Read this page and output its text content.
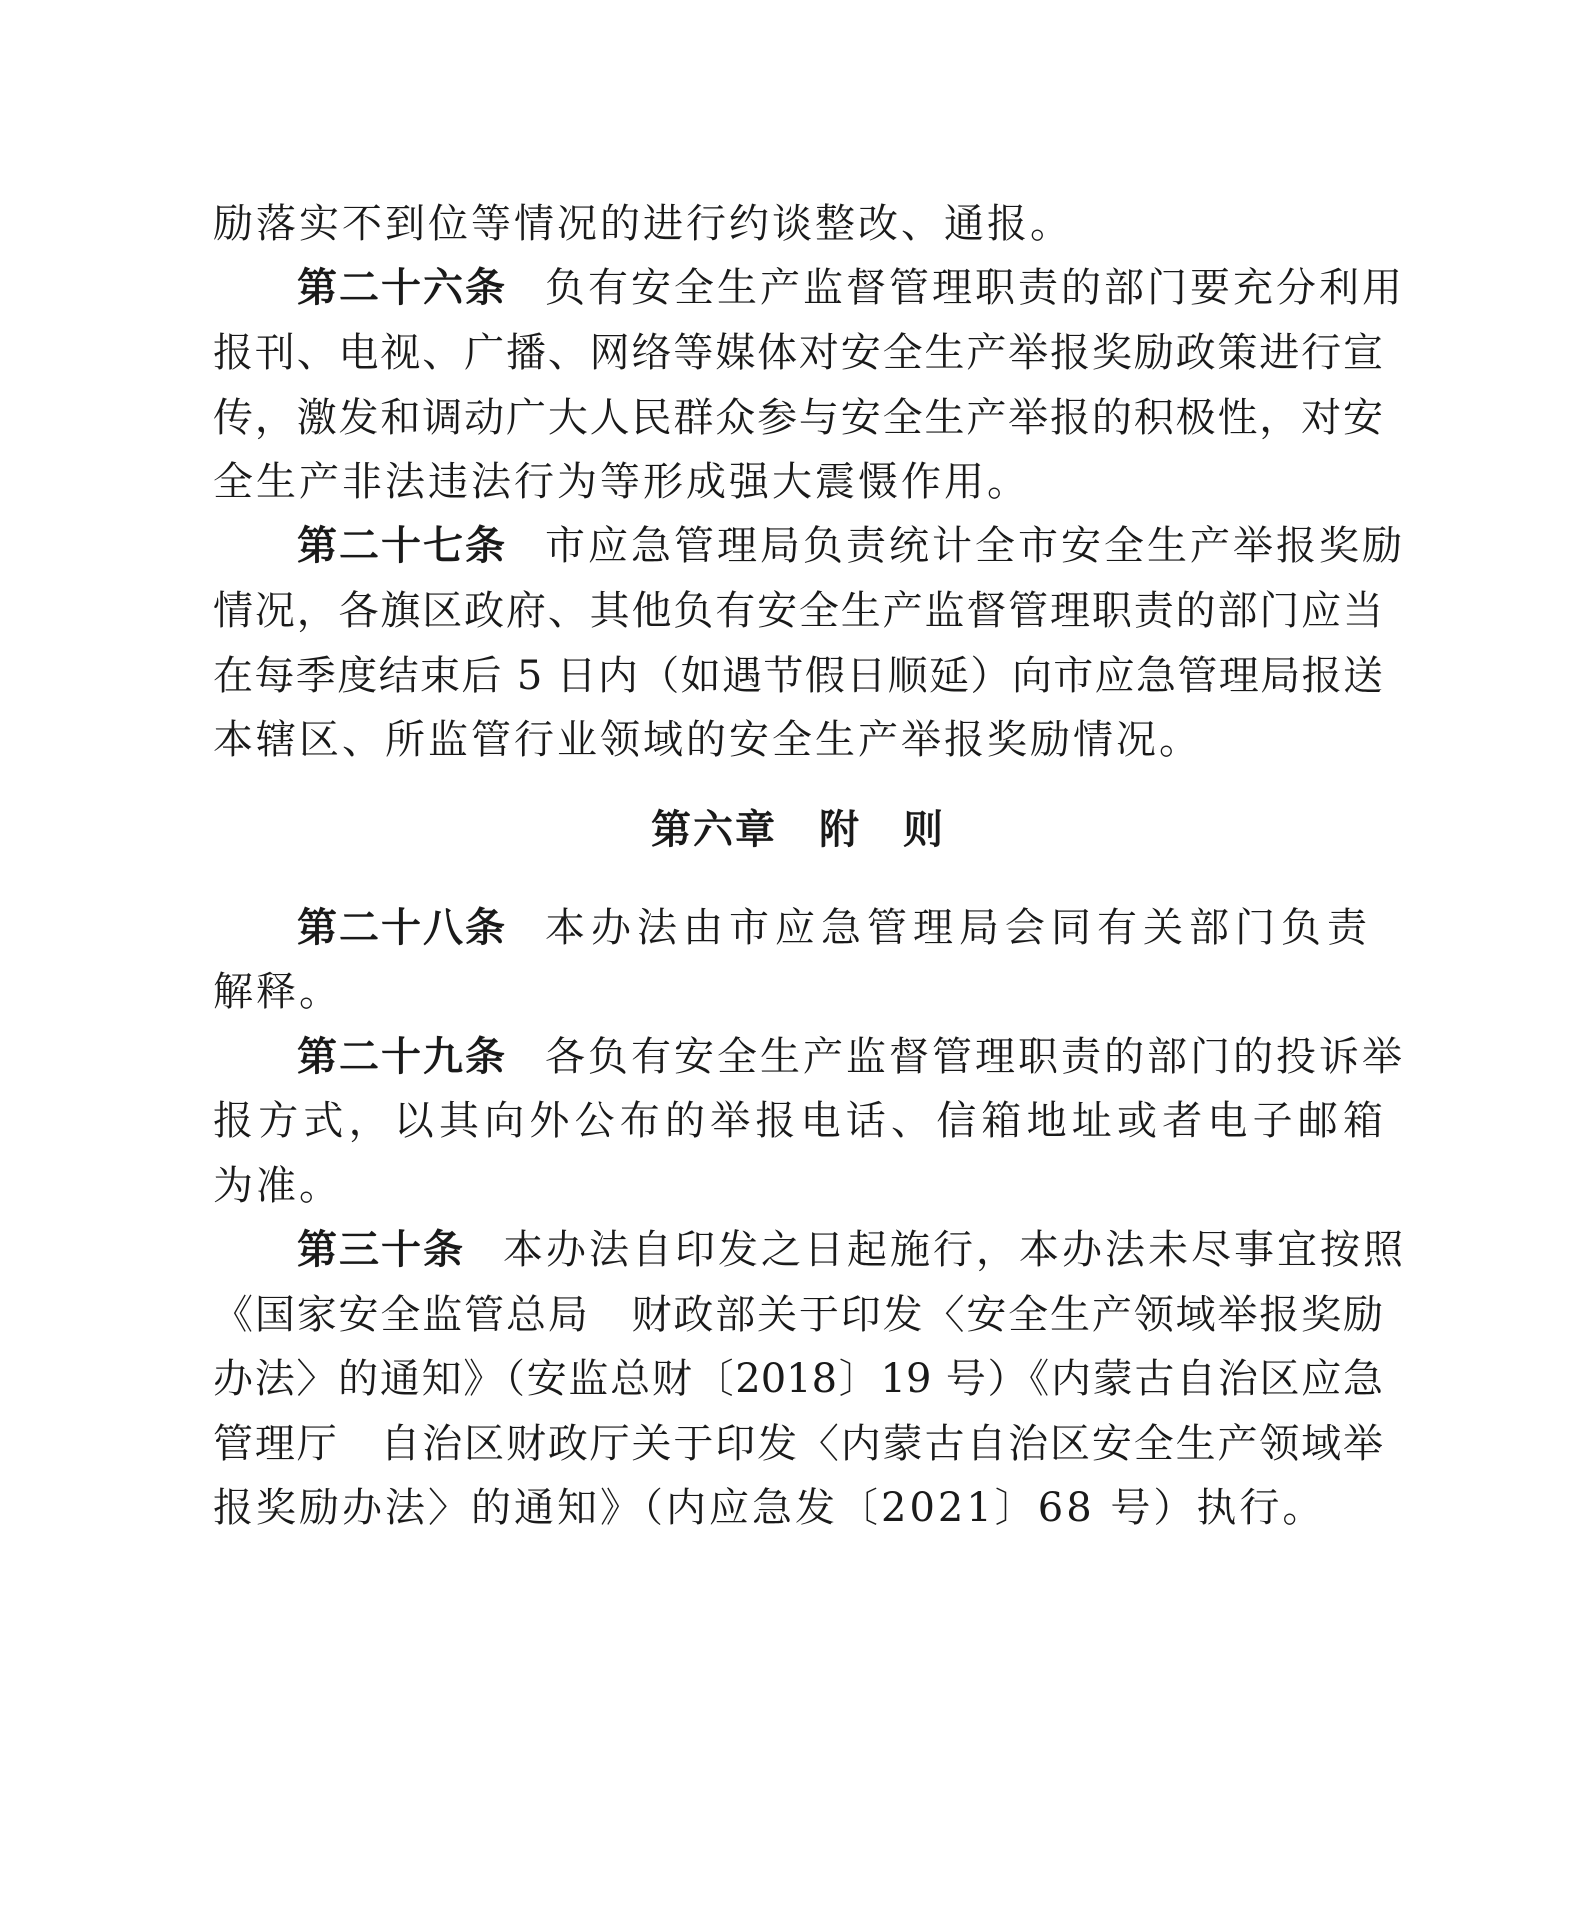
励落实不到位等情况的进行约谈整改、通报。
第二十六条 负有安全生产监督管理职责的部门要充分利用
报刊、电视、广播、网络等媒体对安全生产举报奖励政策进行宣
传，激发和调动广大人民群众参与安全生产举报的积极性，对安
全生产非法违法行为等形成强大震慑作用。
第二十七条 市应急管理局负责统计全市安全生产举报奖励
情况，各旗区政府、其他负有安全生产监督管理职责的部门应当
在每季度结束后 5 日内（如遇节假日顺延）向市应急管理局报送
本辖区、所监管行业领域的安全生产举报奖励情况。
第六章　附　则
第二十八条 本办法由市应急管理局会同有关部门负责
解释。
第二十九条 各负有安全生产监督管理职责的部门的投诉举
报方式，以其向外公布的举报电话、信箱地址或者电子邮箱
为准。
第三十条 本办法自印发之日起施行，本办法未尽事宜按照
《国家安全监管总局　财政部关于印发〈安全生产领域举报奖励
办法〉的通知》（安监总财〔2018〕19 号）《内蒙古自治区应急
管理厅　自治区财政厅关于印发〈内蒙古自治区安全生产领域举
报奖励办法〉的通知》（内应急发〔2021〕68 号）执行。
